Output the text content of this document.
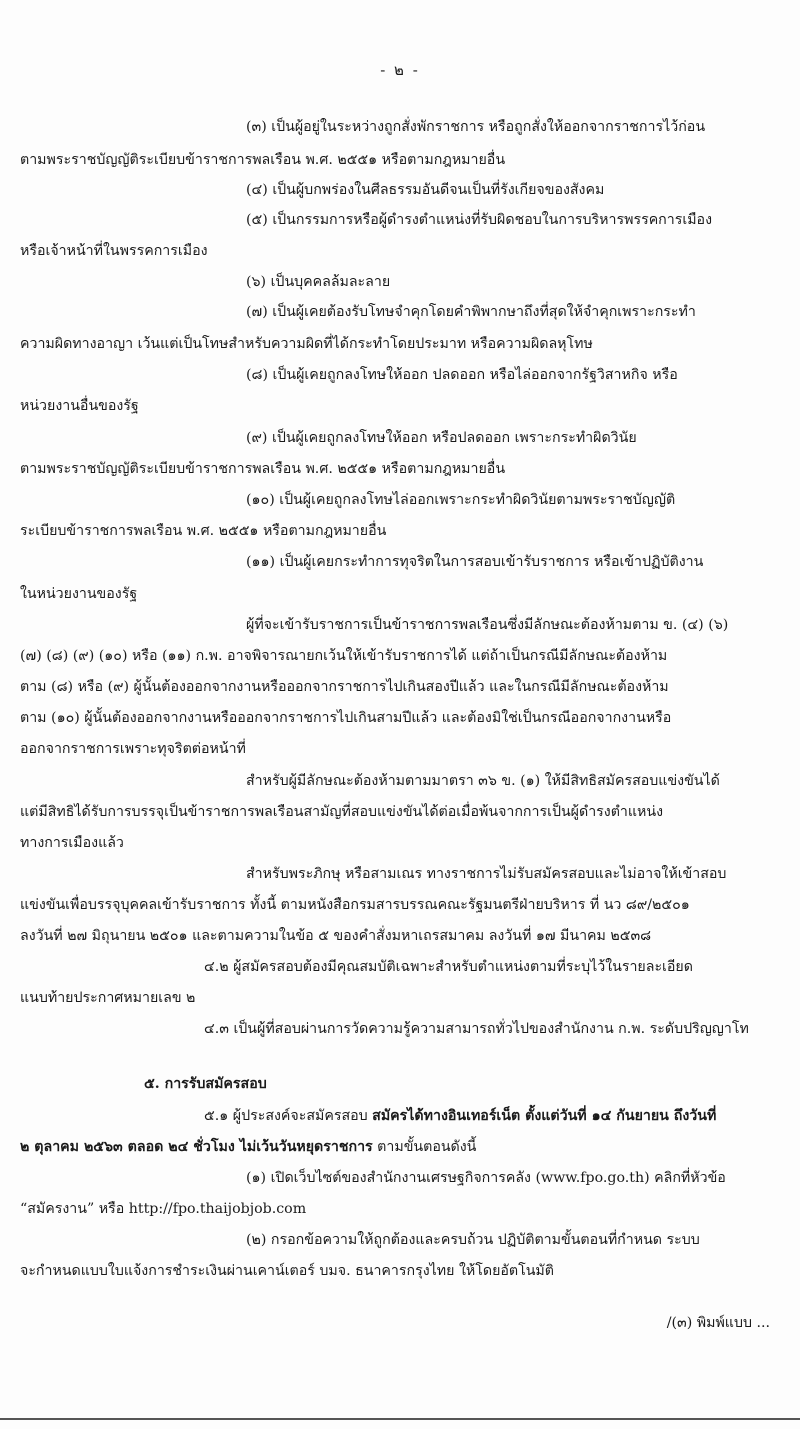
- ๒ -
(๓) เป็นผู้อยู่ในระหว่างถูกสั่งพักราชการ หรือถูกสั่งให้ออกจากราชการไว้ก่อน
ตามพระราชบัญญัติระเบียบข้าราชการพลเรือน พ.ศ. ๒๕๕๑ หรือตามกฎหมายอื่น
(๔) เป็นผู้บกพร่องในศีลธรรมอันดีจนเป็นที่รังเกียจของสังคม
(๕) เป็นกรรมการหรือผู้ดำรงตำแหน่งที่รับผิดชอบในการบริหารพรรคการเมือง
หรือเจ้าหน้าที่ในพรรคการเมือง
(๖) เป็นบุคคลล้มละลาย
(๗) เป็นผู้เคยต้องรับโทษจำคุกโดยคำพิพากษาถึงที่สุดให้จำคุกเพราะกระทำ
ความผิดทางอาญา เว้นแต่เป็นโทษสำหรับความผิดที่ได้กระทำโดยประมาท หรือความผิดลหุโทษ
(๘) เป็นผู้เคยถูกลงโทษให้ออก ปลดออก หรือไล่ออกจากรัฐวิสาหกิจ หรือ
หน่วยงานอื่นของรัฐ
(๙) เป็นผู้เคยถูกลงโทษให้ออก หรือปลดออก เพราะกระทำผิดวินัย
ตามพระราชบัญญัติระเบียบข้าราชการพลเรือน พ.ศ. ๒๕๕๑ หรือตามกฎหมายอื่น
(๑๐) เป็นผู้เคยถูกลงโทษไล่ออกเพราะกระทำผิดวินัยตามพระราชบัญญัติ
ระเบียบข้าราชการพลเรือน พ.ศ. ๒๕๕๑ หรือตามกฎหมายอื่น
(๑๑) เป็นผู้เคยกระทำการทุจริตในการสอบเข้ารับราชการ หรือเข้าปฏิบัติงาน
ในหน่วยงานของรัฐ
ผู้ที่จะเข้ารับราชการเป็นข้าราชการพลเรือนซึ่งมีลักษณะต้องห้ามตาม ข. (๔) (๖)
(๗) (๘) (๙) (๑๐) หรือ (๑๑) ก.พ. อาจพิจารณายกเว้นให้เข้ารับราชการได้ แต่ถ้าเป็นกรณีมีลักษณะต้องห้าม
ตาม (๘) หรือ (๙) ผู้นั้นต้องออกจากงานหรือออกจากราชการไปเกินสองปีแล้ว และในกรณีมีลักษณะต้องห้าม
ตาม (๑๐) ผู้นั้นต้องออกจากงานหรือออกจากราชการไปเกินสามปีแล้ว และต้องมิใช่เป็นกรณีออกจากงานหรือ
ออกจากราชการเพราะทุจริตต่อหน้าที่
สำหรับผู้มีลักษณะต้องห้ามตามมาตรา ๓๖ ข. (๑) ให้มีสิทธิสมัครสอบแข่งขันได้
แต่มีสิทธิได้รับการบรรจุเป็นข้าราชการพลเรือนสามัญที่สอบแข่งขันได้ต่อเมื่อพ้นจากการเป็นผู้ดำรงตำแหน่ง
ทางการเมืองแล้ว
สำหรับพระภิกษุ หรือสามเณร ทางราชการไม่รับสมัครสอบและไม่อาจให้เข้าสอบ
แข่งขันเพื่อบรรจุบุคคลเข้ารับราชการ ทั้งนี้ ตามหนังสือกรมสารบรรณคณะรัฐมนตรีฝ่ายบริหาร ที่ นว ๘๙/๒๕๐๑
ลงวันที่ ๒๗ มิถุนายน ๒๕๐๑ และตามความในข้อ ๕ ของคำสั่งมหาเถรสมาคม ลงวันที่ ๑๗ มีนาคม ๒๕๓๘
๔.๒ ผู้สมัครสอบต้องมีคุณสมบัติเฉพาะสำหรับตำแหน่งตามที่ระบุไว้ในรายละเอียด
แนบท้ายประกาศหมายเลข ๒
๔.๓ เป็นผู้ที่สอบผ่านการวัดความรู้ความสามารถทั่วไปของสำนักงาน ก.พ. ระดับปริญญาโท
๕. การรับสมัครสอบ
๕.๑ ผู้ประสงค์จะสมัครสอบ สมัครได้ทางอินเทอร์เน็ต ตั้งแต่วันที่ ๑๔ กันยายน ถึงวันที่
๒ ตุลาคม ๒๕๖๓ ตลอด ๒๔ ชั่วโมง ไม่เว้นวันหยุดราชการ ตามขั้นตอนดังนี้
(๑) เปิดเว็บไซต์ของสำนักงานเศรษฐกิจการคลัง (www.fpo.go.th) คลิกที่หัวข้อ
“สมัครงาน” หรือ http://fpo.thaijobjob.com
(๒) กรอกข้อความให้ถูกต้องและครบถ้วน ปฏิบัติตามขั้นตอนที่กำหนด ระบบ
จะกำหนดแบบใบแจ้งการชำระเงินผ่านเคาน์เตอร์ บมจ. ธนาคารกรุงไทย ให้โดยอัตโนมัติ
/(๓) พิมพ์แบบ ...
